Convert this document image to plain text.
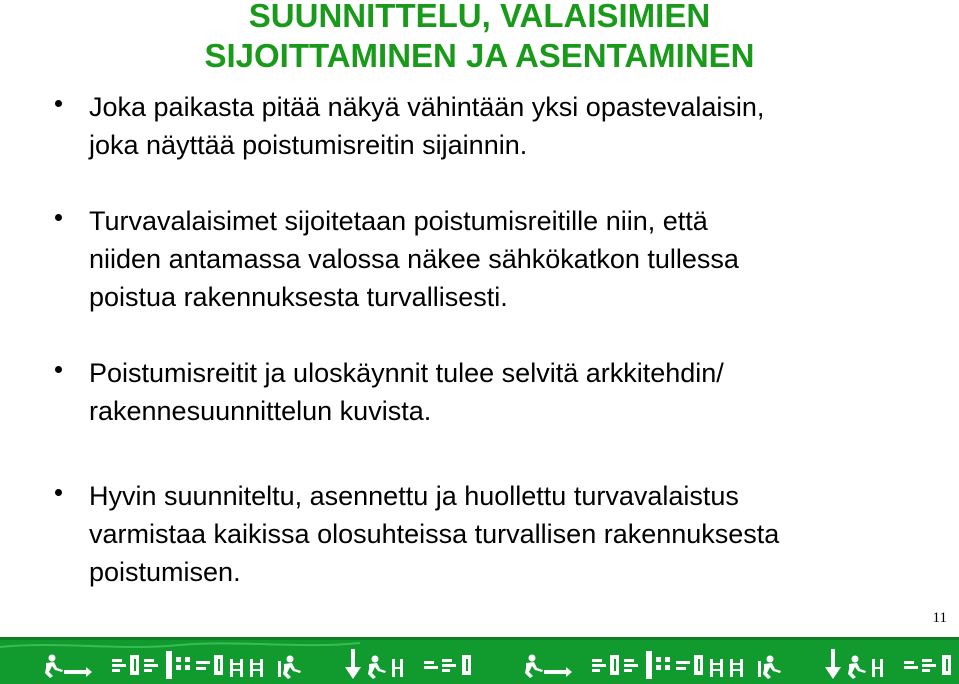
SUUNNITTELU, VALAISIMIEN
SIJOITTAMINEN JA ASENTAMINEN
Joka paikasta pitää näkyä vähintään yksi opastevalaisin,
joka näyttää poistumisreitin sijainnin.
Turvavalaisimet sijoitetaan poistumisreitille niin, että
niiden antamassa valossa näkee sähkökatkon tullessa
poistua rakennuksesta turvallisesti.
Poistumisreitit ja uloskäynnit tulee selvitä arkkitehdin/
rakennesuunnittelun kuvista.
Hyvin suunniteltu, asennettu ja huollettu turvavalaistus
varmistaa kaikissa olosuhteissa turvallisen rakennuksesta
poistumisen.
11
